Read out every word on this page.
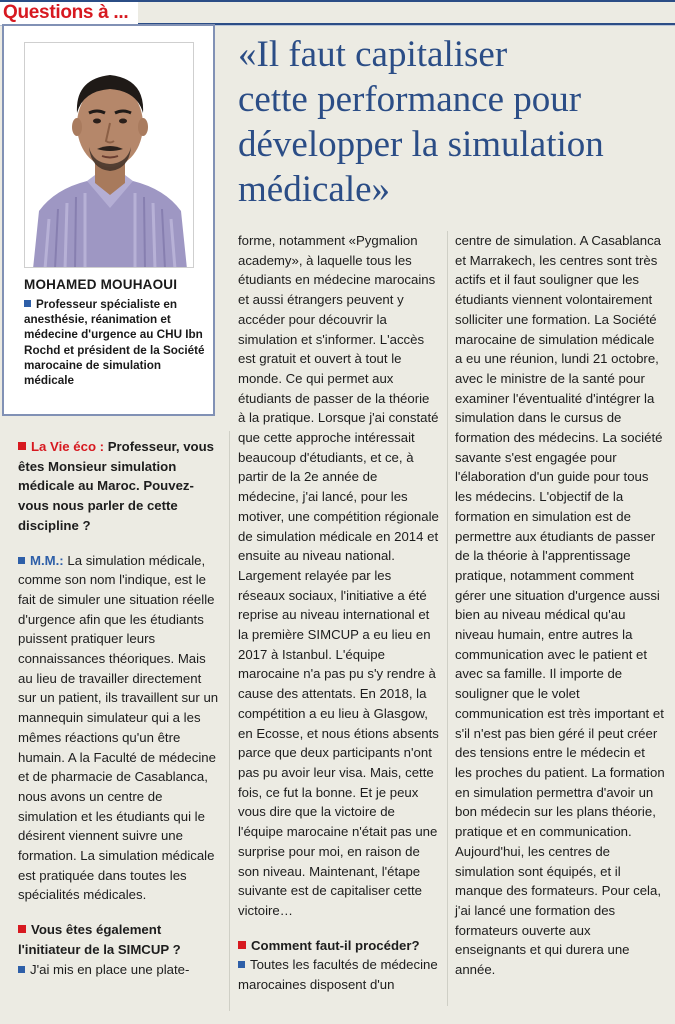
Questions à ...
MOHAMED MOUHAOUI
Professeur spécialiste en anesthésie, réanimation et médecine d'urgence au CHU Ibn Rochd et président de la Société marocaine de simulation médicale
«Il faut capitaliser
cette performance pour
développer la simulation
médicale»

La Vie éco : Professeur, vous êtes Monsieur simulation médicale au Maroc. Pouvez-vous nous parler de cette discipline ?

M.M.: La simulation médicale, comme son nom l'indique, est le fait de simuler une situation réelle d'urgence afin que les étudiants puissent pratiquer leurs connaissances théoriques. Mais au lieu de travailler directement sur un patient, ils travaillent sur un mannequin simulateur qui a les mêmes réactions qu'un être humain. A la Faculté de médecine et de pharmacie de Casablanca, nous avons un centre de simulation et les étudiants qui le désirent viennent suivre une formation. La simulation médicale est pratiquée dans toutes les spécialités médicales.

Vous êtes également l'initiateur de la SIMCUP ?

J'ai mis en place une plate-

forme, notamment «Pygmalion academy», à laquelle tous les étudiants en médecine marocains et aussi étrangers peuvent y accéder pour découvrir la simulation et s'informer. L'accès est gratuit et ouvert à tout le monde. Ce qui permet aux étudiants de passer de la théorie à la pratique. Lorsque j'ai constaté que cette approche intéressait beaucoup d'étudiants, et ce, à partir de la 2e année de médecine, j'ai lancé, pour les motiver, une compétition régionale de simulation médicale en 2014 et ensuite au niveau national. Largement relayée par les réseaux sociaux, l'initiative a été reprise au niveau international et la première SIMCUP a eu lieu en 2017 à Istanbul. L'équipe marocaine n'a pas pu s'y rendre à cause des attentats. En 2018, la compétition a eu lieu à Glasgow, en Ecosse, et nous étions absents parce que deux participants n'ont pas pu avoir leur visa. Mais, cette fois, ce fut la bonne. Et je peux vous dire que la victoire de l'équipe marocaine n'était pas une surprise pour moi, en raison de son niveau. Maintenant, l'étape suivante est de capitaliser cette victoire…

Comment faut-il procéder?

Toutes les facultés de médecine marocaines disposent d'un

centre de simulation. A Casablanca et Marrakech, les centres sont très actifs et il faut souligner que les étudiants viennent volontairement solliciter une formation. La Société marocaine de simulation médicale a eu une réunion, lundi 21 octobre, avec le ministre de la santé pour examiner l'éventualité d'intégrer la simulation dans le cursus de formation des médecins. La société savante s'est engagée pour l'élaboration d'un guide pour tous les médecins. L'objectif de la formation en simulation est de permettre aux étudiants de passer de la théorie à l'apprentissage pratique, notamment comment gérer une situation d'urgence aussi bien au niveau médical qu'au niveau humain, entre autres la communication avec le patient et avec sa famille. Il importe de souligner que le volet communication est très important et s'il n'est pas bien géré il peut créer des tensions entre le médecin et les proches du patient. La formation en simulation permettra d'avoir un bon médecin sur les plans théorie, pratique et en communication. Aujourd'hui, les centres de simulation sont équipés, et il manque des formateurs. Pour cela, j'ai lancé une formation des formateurs ouverte aux enseignants et qui durera une année.
